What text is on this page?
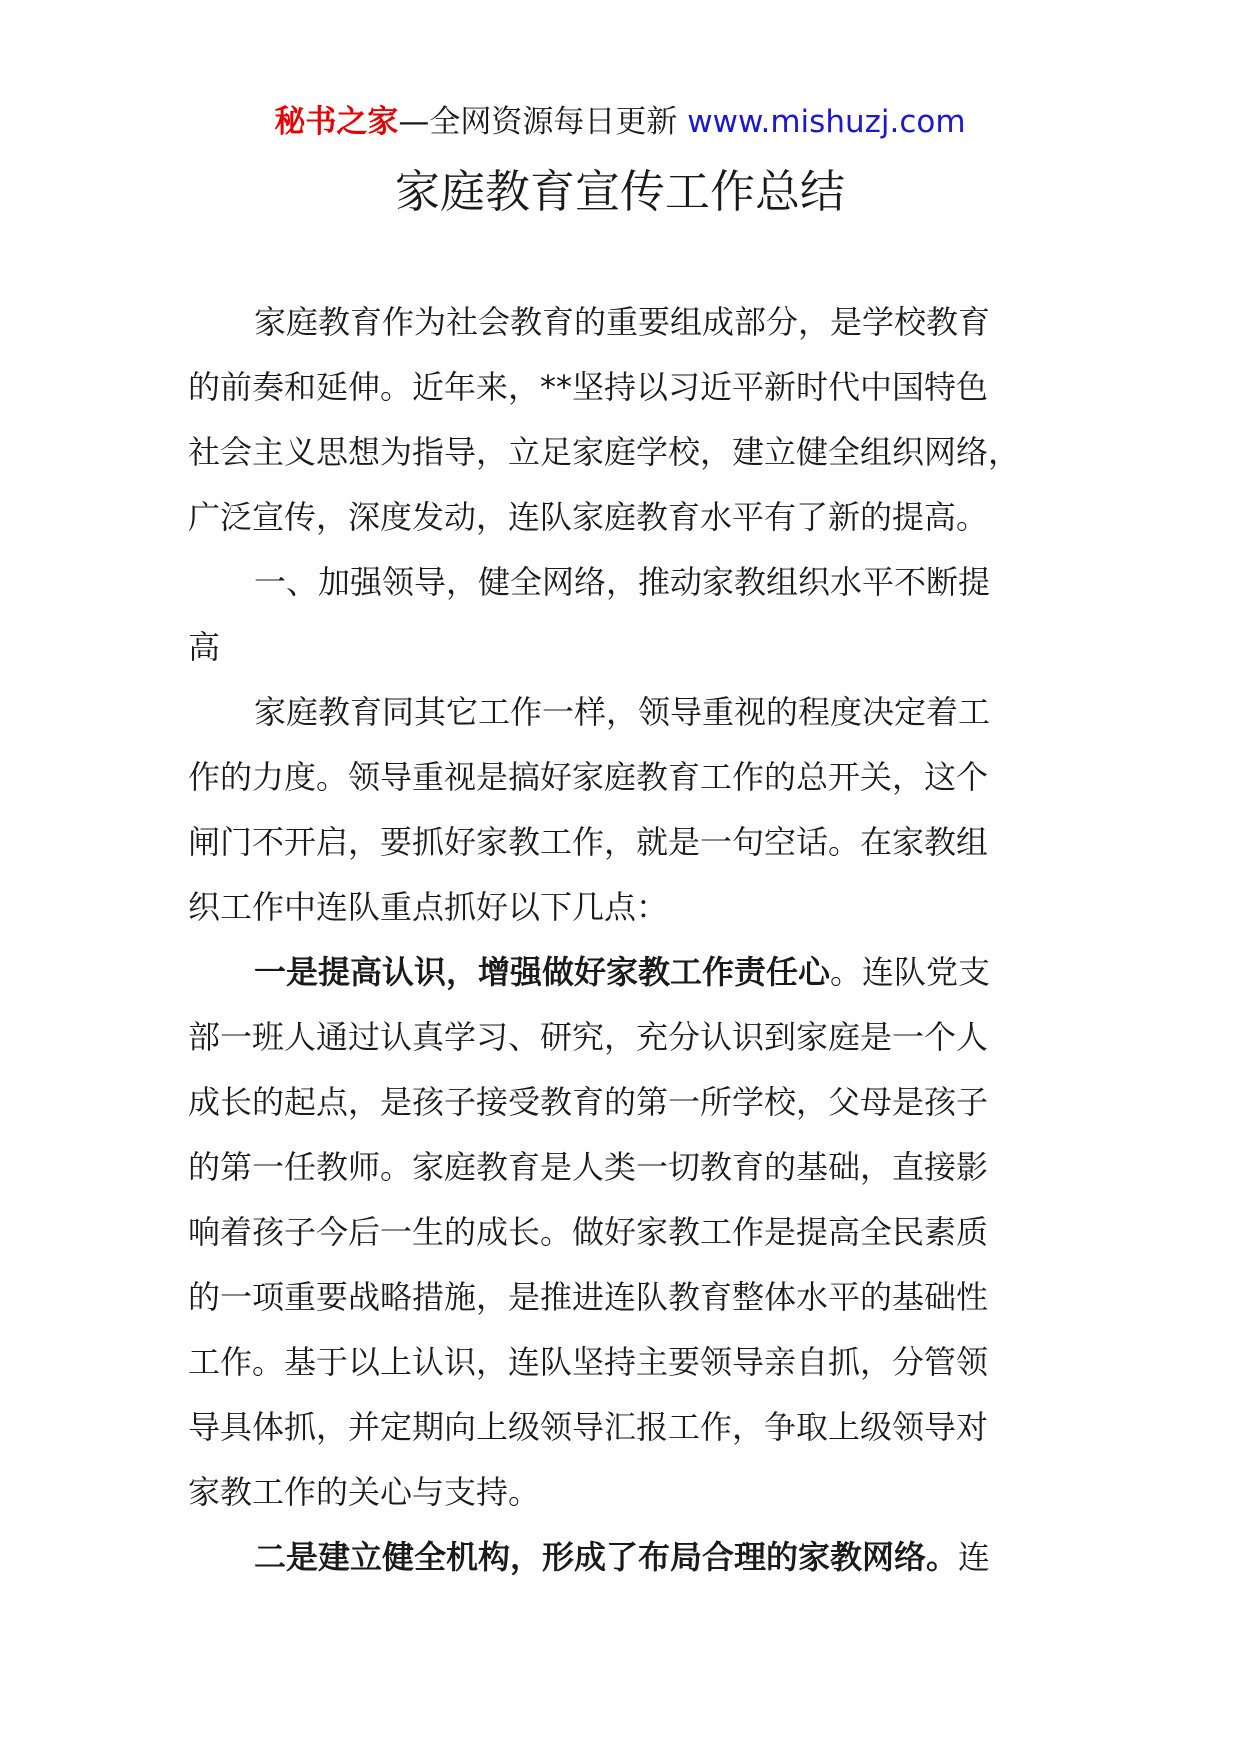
秘书之家—全网资源每日更新 www.mishuzj.com
家庭教育宣传工作总结
家庭教育作为社会教育的重要组成部分，是学校教育
的前奏和延伸。近年来，**坚持以习近平新时代中国特色
社会主义思想为指导，立足家庭学校，建立健全组织网络，
广泛宣传，深度发动，连队家庭教育水平有了新的提高。
一、加强领导，健全网络，推动家教组织水平不断提
高
家庭教育同其它工作一样，领导重视的程度决定着工
作的力度。领导重视是搞好家庭教育工作的总开关，这个
闸门不开启，要抓好家教工作，就是一句空话。在家教组
织工作中连队重点抓好以下几点：
一是提高认识，增强做好家教工作责任心。连队党支
部一班人通过认真学习、研究，充分认识到家庭是一个人
成长的起点，是孩子接受教育的第一所学校，父母是孩子
的第一任教师。家庭教育是人类一切教育的基础，直接影
响着孩子今后一生的成长。做好家教工作是提高全民素质
的一项重要战略措施，是推进连队教育整体水平的基础性
工作。基于以上认识，连队坚持主要领导亲自抓，分管领
导具体抓，并定期向上级领导汇报工作，争取上级领导对
家教工作的关心与支持。
二是建立健全机构，形成了布局合理的家教网络。连
